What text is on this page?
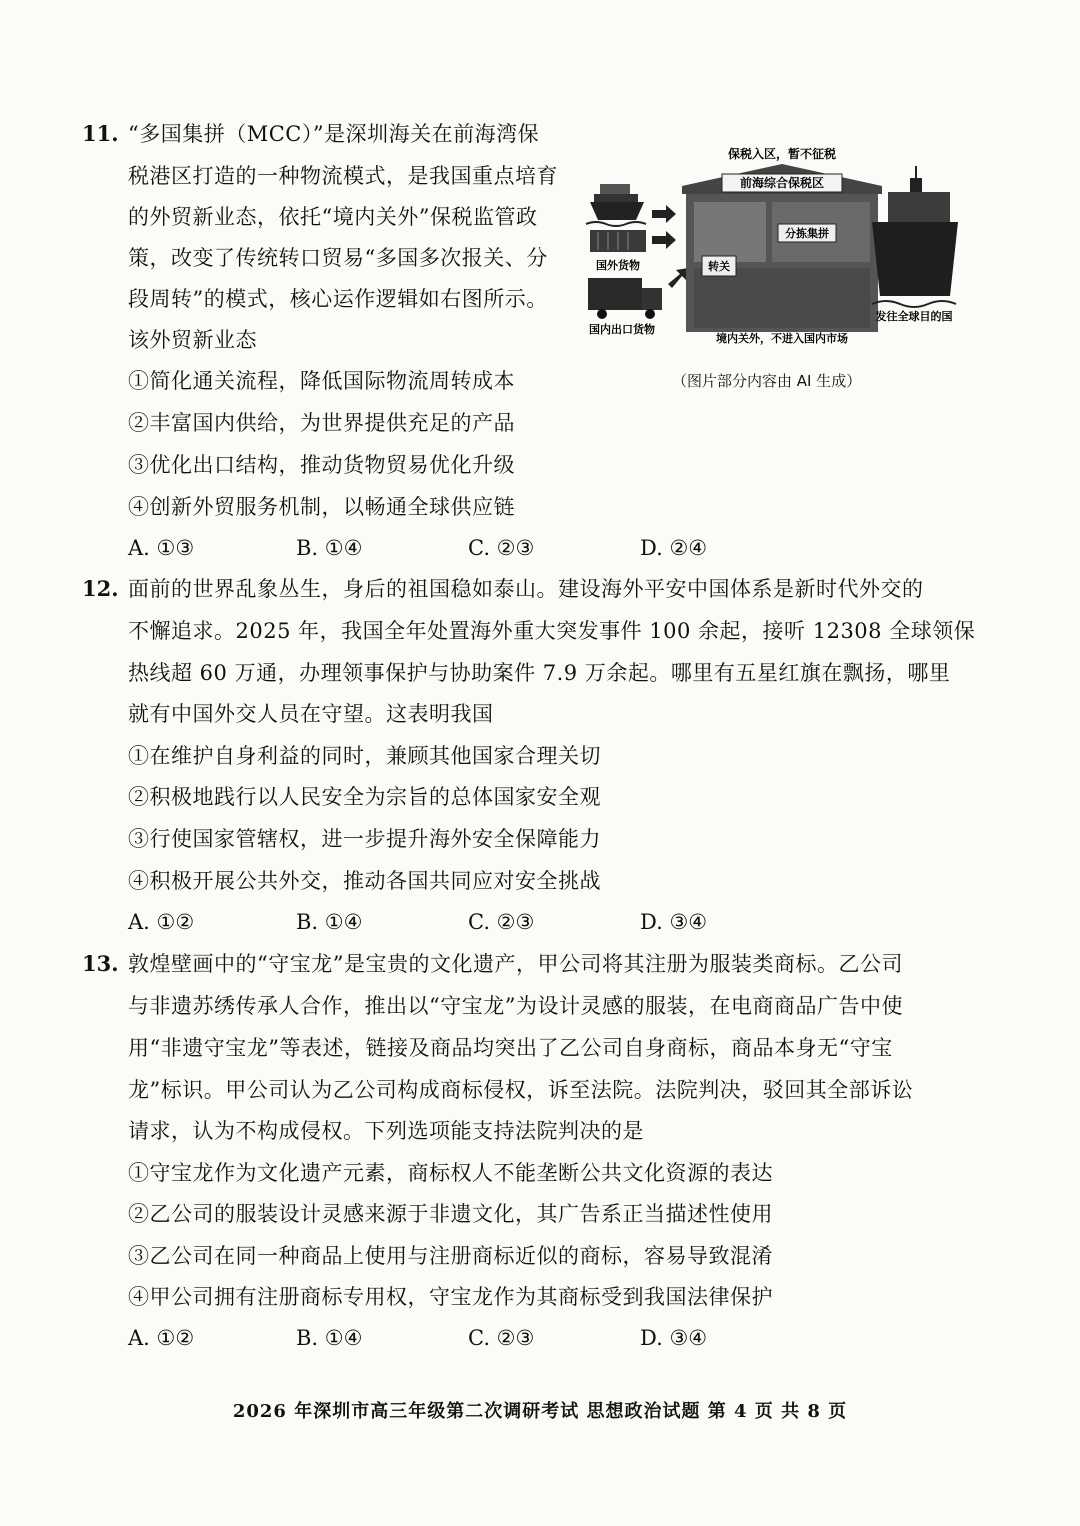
11. “多国集拼（MCC）”是深圳海关在前海湾保
税港区打造的一种物流模式，是我国重点培育
的外贸新业态，依托“境内关外”保税监管政
策，改变了传统转口贸易“多国多次报关、分
段周转”的模式，核心运作逻辑如右图所示。
该外贸新业态
①简化通关流程，降低国际物流周转成本
②丰富国内供给，为世界提供充足的产品
③优化出口结构，推动货物贸易优化升级
④创新外贸服务机制，以畅通全球供应链
A. ①③	B. ①④	C. ②③	D. ②④
保税入区，暂不征税
国外货物
国内出口货物
前海综合保税区
分拣集拼
转关
境内关外，不进入国内市场
发往全球目的国
（图片部分内容由 AI 生成）
12. 面前的世界乱象丛生，身后的祖国稳如泰山。建设海外平安中国体系是新时代外交的
不懈追求。2025 年，我国全年处置海外重大突发事件 100 余起，接听 12308 全球领保
热线超 60 万通，办理领事保护与协助案件 7.9 万余起。哪里有五星红旗在飘扬，哪里
就有中国外交人员在守望。这表明我国
①在维护自身利益的同时，兼顾其他国家合理关切
②积极地践行以人民安全为宗旨的总体国家安全观
③行使国家管辖权，进一步提升海外安全保障能力
④积极开展公共外交，推动各国共同应对安全挑战
A. ①②	B. ①④	C. ②③	D. ③④
13. 敦煌壁画中的“守宝龙”是宝贵的文化遗产，甲公司将其注册为服装类商标。乙公司
与非遗苏绣传承人合作，推出以“守宝龙”为设计灵感的服装，在电商商品广告中使
用“非遗守宝龙”等表述，链接及商品均突出了乙公司自身商标，商品本身无“守宝
龙”标识。甲公司认为乙公司构成商标侵权，诉至法院。法院判决，驳回其全部诉讼
请求，认为不构成侵权。下列选项能支持法院判决的是
①守宝龙作为文化遗产元素，商标权人不能垄断公共文化资源的表达
②乙公司的服装设计灵感来源于非遗文化，其广告系正当描述性使用
③乙公司在同一种商品上使用与注册商标近似的商标，容易导致混淆
④甲公司拥有注册商标专用权，守宝龙作为其商标受到我国法律保护
A. ①②	B. ①④	C. ②③	D. ③④
2026 年深圳市高三年级第二次调研考试 思想政治试题 第 4 页 共 8 页
